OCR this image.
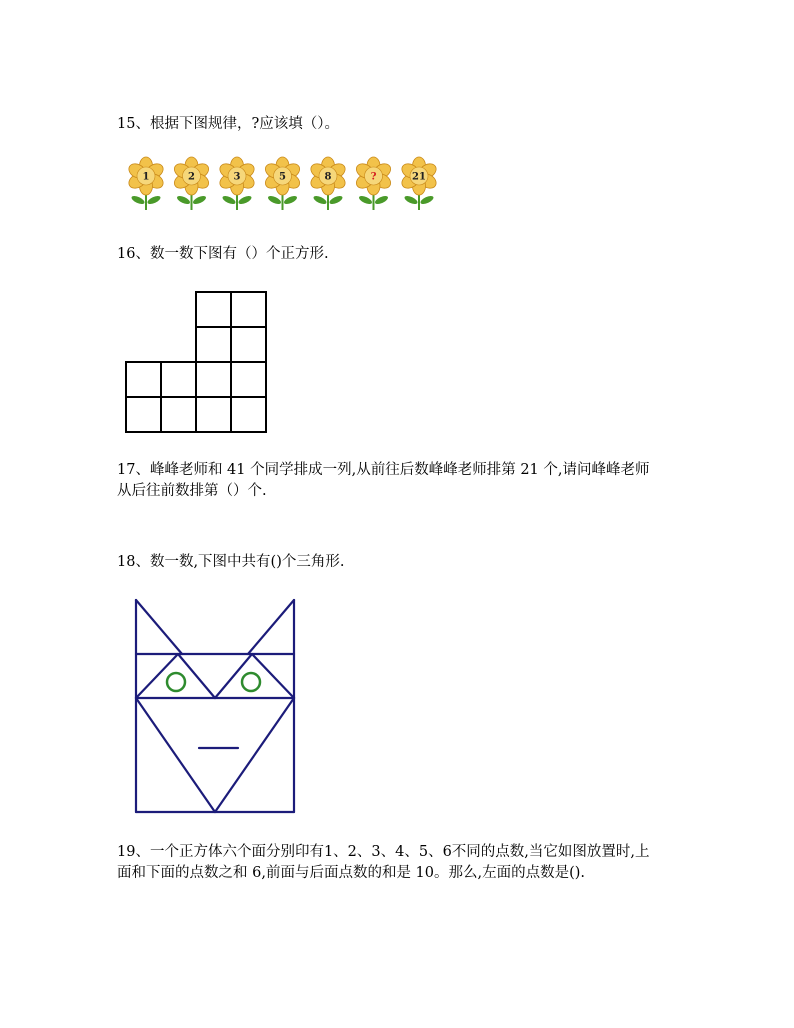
15、根据下图规律，?应该填（）。
1	2	3	5	8	?	21
16、数一数下图有（）个正方形.
17、峰峰老师和 41 个同学排成一列,从前往后数峰峰老师排第 21 个,请问峰峰老师
从后往前数排第（）个.
18、数一数,下图中共有()个三角形.
19、一个正方体六个面分别印有1、2、3、4、5、6不同的点数,当它如图放置时,上
面和下面的点数之和 6,前面与后面点数的和是 10。那么,左面的点数是().
